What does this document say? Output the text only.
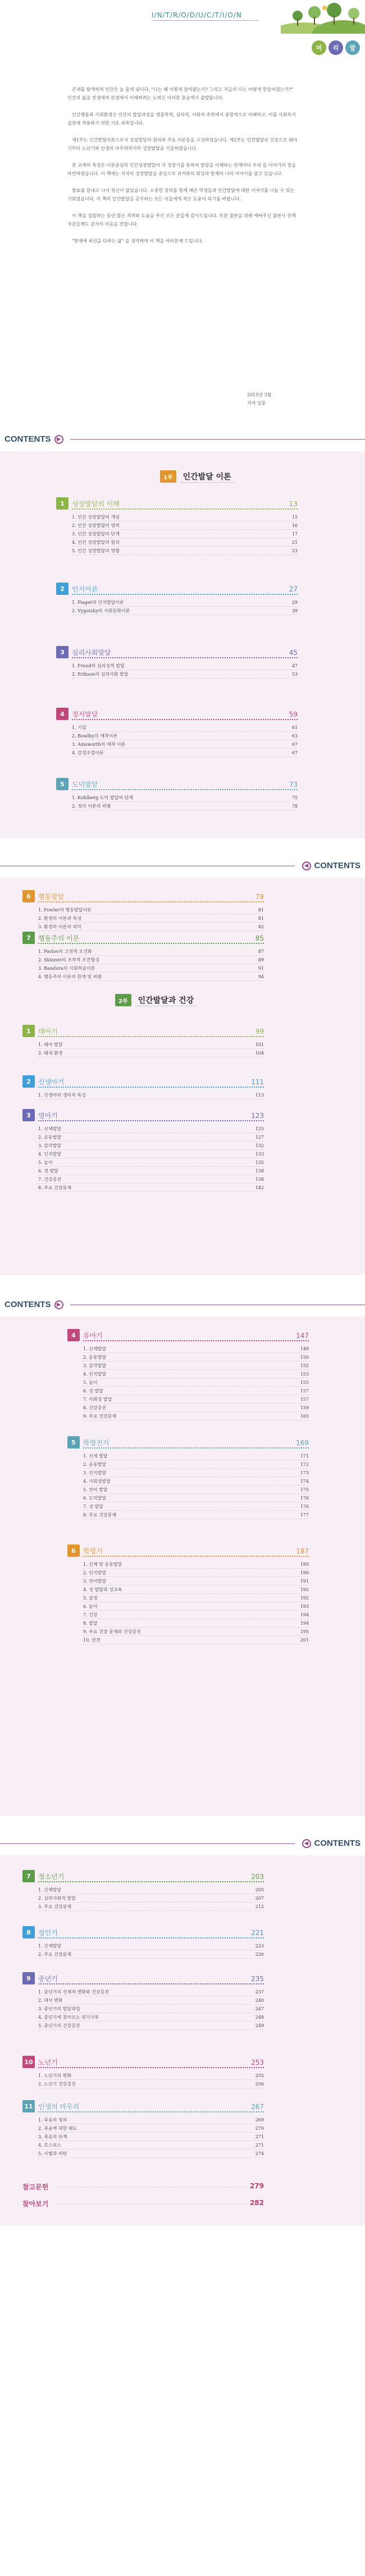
I/N/T/R/O/D/U/C/T/I/O/N
머	리	말

존재를 탐색하며 인간은 늘 묻게 됩니다. "나는 왜 이렇게 살아왔는가? 그리고 지금의 나는 어떻게 만들어졌는가?" 인간의 삶을 전생애적 관점에서 이해하려는 노력은 이러한 물음에서 출발합니다.

인간행동과 사회환경은 인간의 발달과정을 생물학적, 심리적, 사회적 측면에서 종합적으로 이해하고, 이를 사회복지실천에 적용하기 위한 기초 과목입니다.

제1부는 인간발달이론으로서 성장발달의 원리와 주요 이론들을 구성하였습니다. 제2부는 인간발달과 건강으로 태아기부터 노년기와 인생의 마무리까지의 성장발달을 기술하였습니다.

본 교재의 특징은 이론중심의 인간성장발달이 각 성장기를 통하여 발달을 이해하는 단계마다 우리 들 이야기의 장을 마련하였습니다. 이 책에는 저자의 성장발달을 중심으로 과거와의 회상과 현재의 나의 이야기를 담고 있습니다.

발표를 끝내고 나서 정신이 없었습니다. 소중한 강의를 함께 해준 학생들과 인간발달에 대한 이야기를 나눌 수 있는 기회였습니다. 이 책이 인간발달을 공부하는 모든 이들에게 작은 도움이 되기를 바랍니다.

이 책을 집필하는 동안 많은 격려와 도움을 주신 모든 분들께 감사드립니다. 또한 출판을 위해 애써주신 출판사 관계자분들께도 감사의 마음을 전합니다.

"현재에 최선을 다하는 삶" 을 생각하며 이 책을 여러분께 드립니다.

2015년 3월
저자 일동
CONTENTS	▶
1부	인간발달 이론
1	성장발달의 이해	13
1. 인간 성장발달의 개념	15
2. 인간 성장발달의 영역	16
3. 인간 성장발달의 단계	17
4. 인간 성장발달의 원리	21
5. 인간 성장발달의 영향	23
2	인지이론	27
1. Piaget의 인지발달이론	29
2. Vygotsky의 사회문화이론	39
3	심리사회발달	45
1. Freud의 심리성적 발달	47
2. Erikson의 심리사회 발달	53
4	정서발달	59
1. 기질	61
2. Bowlby의 애착이론	63
3. Ainsworth의 애착 이론	67
4. 감정조절이론	67
5	도덕발달	73
1. Kohlberg 도덕 발달의 단계	75
2. 정의 이론의 비평	78
◀ CONTENTS
6	행동발달	79
1. Fowler의 행동발달이론	81
2. 환경의 이론과 특성	81
3. 환경의 이론의 의미	82
7	행동주의 이론	85
1. Pavlov의 고전적 조건화	87
2. Skinner의 조작적 조건형성	89
3. Bandura의 사회학습이론	91
4. 행동주의 이론의 한계 및 비평	94
2부	인간발달과 건강
1	태아기	99
1. 태아 발달	101
2. 태내 환경	104
2	신생아기	111
1. 신생아의 생리적 특성	113
3	영아기	123
1. 신체발달	125
2. 운동발달	127
3. 감각발달	132
4. 인지발달	133
5. 놀이	135
6. 정 발달	138
7. 건강증진	138
8. 주요 건강문제	142
CONTENTS	▶
4	유아기	147
1. 신체발달	149
2. 운동발달	150
3. 감각발달	152
4. 인지발달	153
5. 놀이	155
6. 성 발달	157
7. 사회성 발달	157
8. 건강증진	159
9. 주요 건강문제	165
5	학령전기	169
1. 신체 발달	171
2. 운동발달	172
3. 인지발달	173
4. 사회성발달	174
5. 언어 발달	175
6. 도덕발달	176
7. 성 발달	176
8. 주요 건강문제	177
6	학령기	187
1. 신체 및 운동발달	189
2. 인지발달	190
3. 언어발달	191
4. 성 발달과 성교육	192
5. 감정	192
6. 놀이	193
7. 건강	194
8. 발달	194
9. 주요 건강 문제와 건강증진	195
10. 안전	201
◀ CONTENTS
7	청소년기	203
1. 신체발달	205
2. 심리사회적 발달	207
3. 주요 건강문제	212
8	성인기	221
1. 신체발달	223
2. 주요 건강문제	226
9	중년기	235
1. 중년기의 신체적 변화와 건강증진	237
2. 대사 변화	240
3. 중년기의 발달과업	247
4. 중년기에 찾아오는 위기극복	248
5. 중년기의 건강증진	249
10 노년기	253
1. 노년기의 변화	255
2. 노년기 건강증진	256
11 인생의 마무리	267
1. 죽음의 정의	269
2. 죽음에 대한 태도	270
3. 죽음의 단계	271
4. 호스피스	271
5. 사별과 비탄	274
참고문헌	279
찾아보기	282
